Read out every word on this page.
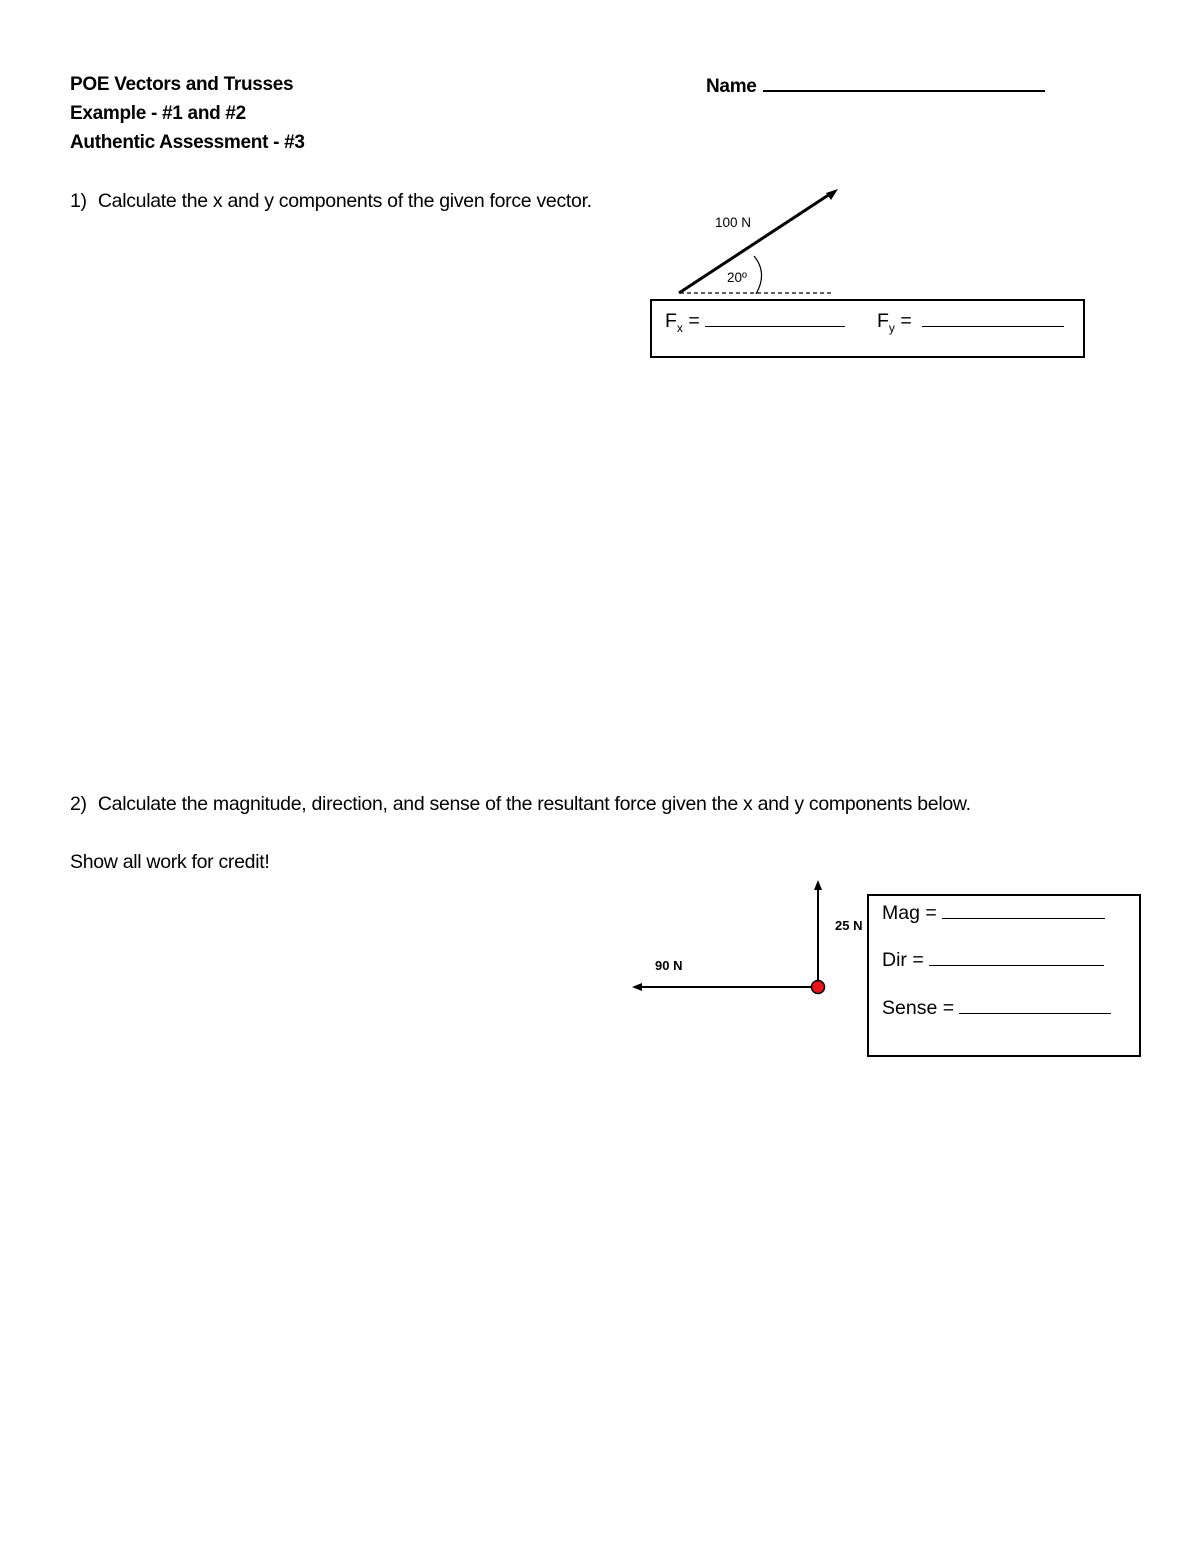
POE Vectors and Trusses
Example - #1 and #2
Authentic Assessment - #3
Name
1) Calculate the x and y components of the given force vector.
100 N
20º
25 N
90 N
$F_x$ =	$F_y$ =
2) Calculate the magnitude, direction, and sense of the resultant force given the x and y components below.
Show all work for credit!
Mag =
Dir =
Sense =
